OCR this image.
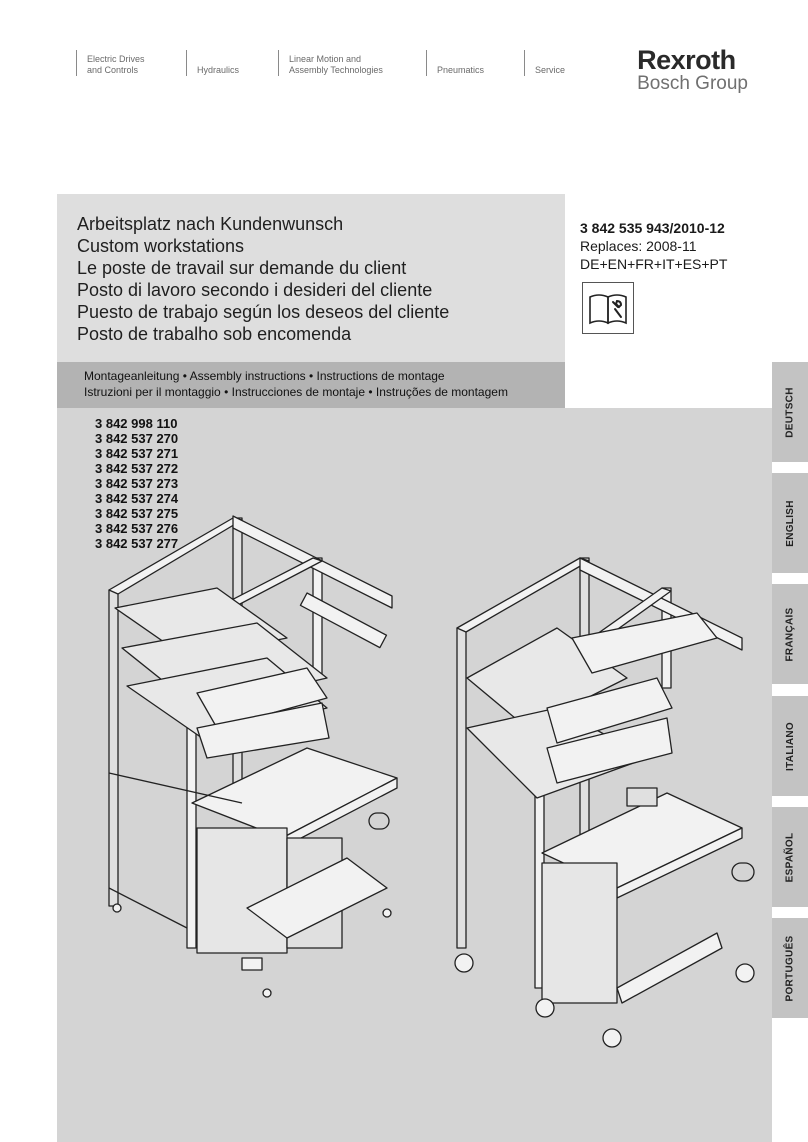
Electric Drives
and Controls	Hydraulics
Linear Motion and
Assembly Technologies	Pneumatics	Service	Rexroth
Bosch Group
Arbeitsplatz nach Kundenwunsch
Custom workstations
Le poste de travail sur demande du client
Posto di lavoro secondo i desideri del cliente
Puesto de trabajo según los deseos del cliente
Posto de trabalho sob encomenda
3 842 535 943/2010-12
Replaces: 2008-11
DE+EN+FR+IT+ES+PT
Montageanleitung • Assembly instructions • Instructions de montage
Istruzioni per il montaggio • Instrucciones de montaje • Instruções de montagem
3 842 998 110
3 842 537 270
3 842 537 271
3 842 537 272
3 842 537 273
3 842 537 274
3 842 537 275
3 842 537 276
3 842 537 277
DEUTSCH
ENGLISH
FRANÇAIS
ITALIANO
ESPAÑOL
PORTUGUÊS
